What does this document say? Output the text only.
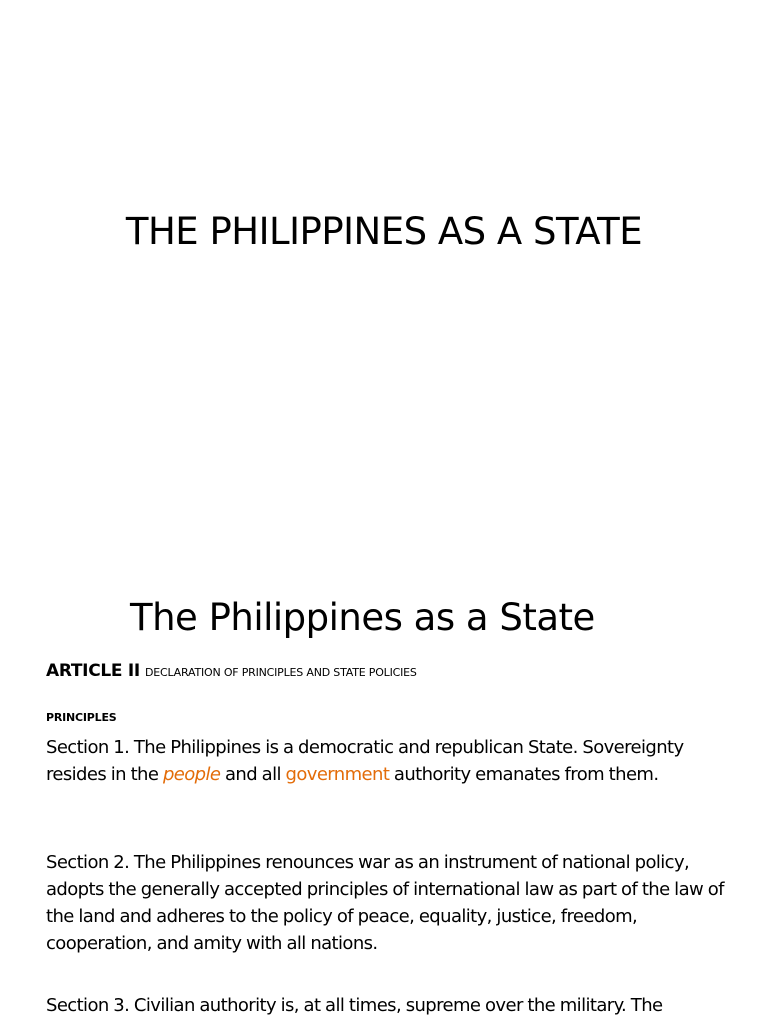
THE PHILIPPINES AS A STATE
The Philippines as a State
ARTICLE II DECLARATION OF PRINCIPLES AND STATE POLICIES
PRINCIPLES

Section 1. The Philippines is a democratic and republican State. Sovereignty resides in the people and all government authority emanates from them.

Section 2. The Philippines renounces war as an instrument of national policy, adopts the generally accepted principles of international law as part of the law of the land and adheres to the policy of peace, equality, justice, freedom, cooperation, and amity with all nations.

Section 3. Civilian authority is, at all times, supreme over the military. The
